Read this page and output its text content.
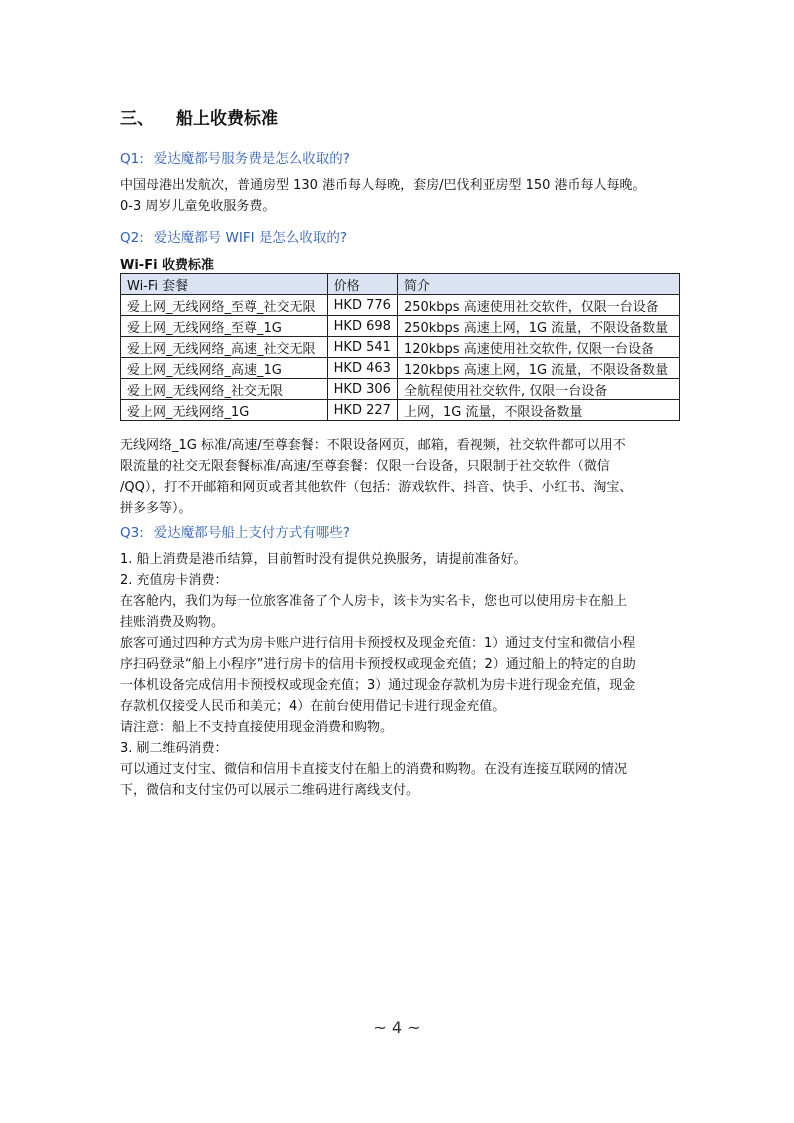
三、 船上收费标准
Q1: 爱达魔都号服务费是怎么收取的?
中国母港出发航次，普通房型 130 港币每人每晚，套房/巴伐利亚房型 150 港币每人每晚。
0-3 周岁儿童免收服务费。
Q2: 爱达魔都号 WIFI 是怎么收取的?
Wi-Fi 收费标准
Wi-Fi 套餐	价格	简介
爱上网_无线网络_至尊_社交无限	HKD 776	250kbps 高速使用社交软件，仅限一台设备
爱上网_无线网络_至尊_1G	HKD 698	250kbps 高速上网，1G 流量，不限设备数量
爱上网_无线网络_高速_社交无限	HKD 541	120kbps 高速使用社交软件, 仅限一台设备
爱上网_无线网络_高速_1G	HKD 463	120kbps 高速上网，1G 流量，不限设备数量
爱上网_无线网络_社交无限	HKD 306	全航程使用社交软件, 仅限一台设备
爱上网_无线网络_1G	HKD 227	上网，1G 流量，不限设备数量
无线网络_1G 标准/高速/至尊套餐：不限设备网页，邮箱，看视频，社交软件都可以用不
限流量的社交无限套餐标准/高速/至尊套餐：仅限一台设备，只限制于社交软件（微信
/QQ），打不开邮箱和网页或者其他软件（包括：游戏软件、抖音、快手、小红书、淘宝、
拼多多等）。
Q3: 爱达魔都号船上支付方式有哪些?
1. 船上消费是港币结算，目前暂时没有提供兑换服务，请提前准备好。
2. 充值房卡消费：
在客舱内，我们为每一位旅客准备了个人房卡，该卡为实名卡，您也可以使用房卡在船上
挂账消费及购物。
旅客可通过四种方式为房卡账户进行信用卡预授权及现金充值：1）通过支付宝和微信小程
序扫码登录“船上小程序”进行房卡的信用卡预授权或现金充值；2）通过船上的特定的自助
一体机设备完成信用卡预授权或现金充值；3）通过现金存款机为房卡进行现金充值，现金
存款机仅接受人民币和美元；4）在前台使用借记卡进行现金充值。
请注意：船上不支持直接使用现金消费和购物。
3. 刷二维码消费：
可以通过支付宝、微信和信用卡直接支付在船上的消费和购物。在没有连接互联网的情况
下，微信和支付宝仍可以展示二维码进行离线支付。
~ 4 ~
